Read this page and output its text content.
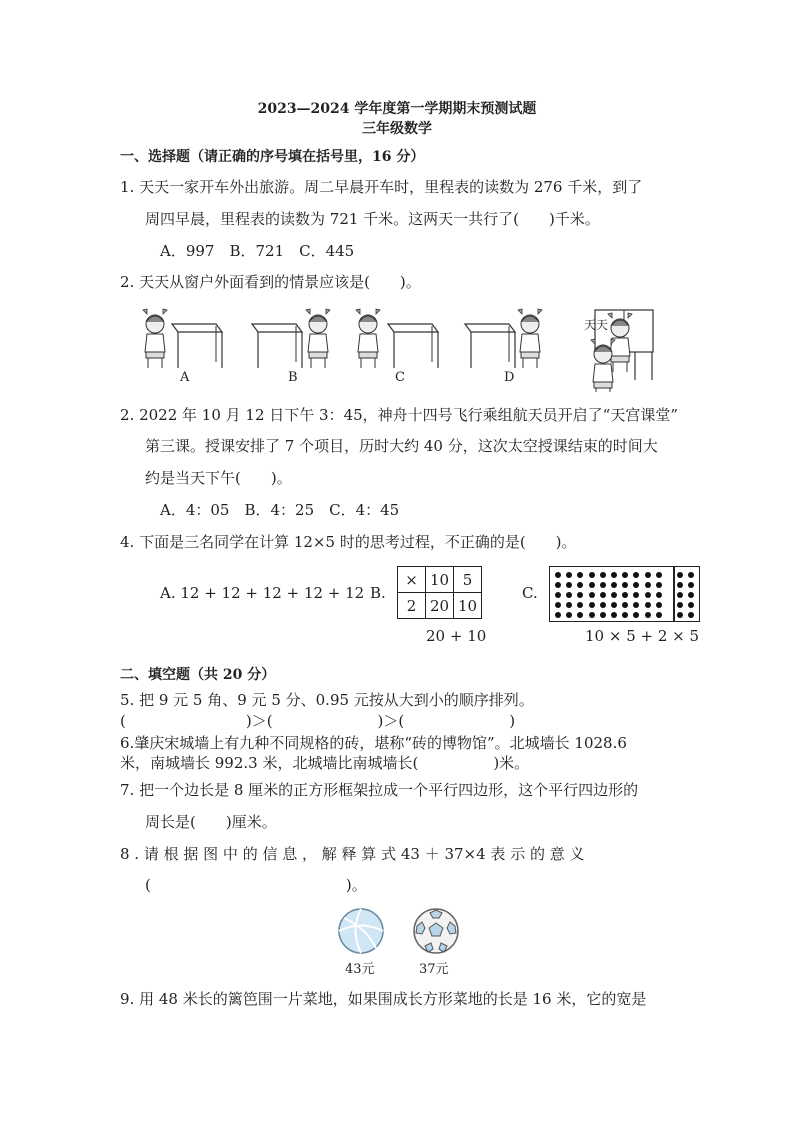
2023—2024 学年度第一学期期末预测试题
三年级数学
一、选择题（请正确的序号填在括号里，16 分）
1. 天天一家开车外出旅游。周二早晨开车时，里程表的读数为 276 千米，到了
周四早晨，里程表的读数为 721 千米。这两天一共行了(　　)千米。
A．997　B．721　C．445
2. 天天从窗户外面看到的情景应该是(　　)。
A	B	C	D
天天
2. 2022 年 10 月 12 日下午 3：45，神舟十四号飞行乘组航天员开启了“天宫课堂”
第三课。授课安排了 7 个项目，历时大约 40 分，这次太空授课结束的时间大
约是当天下午(　　)。
A．4：05　B．4：25　C．4：45
4. 下面是三名同学在计算 12×5 时的思考过程，不正确的是(　　)。
A. 12 + 12 + 12 + 12 + 12 B.
×	10	5
2	20	10
20 + 10
C.
10 × 5 + 2 × 5
二、填空题（共 20 分）
5. 把 9 元 5 角、9 元 5 分、0.95 元按从大到小的顺序排列。
(　　　　　　　　)＞(　　　　　　　)＞(　　　　　　　)
6.肇庆宋城墙上有九种不同规格的砖，堪称“砖的博物馆”。北城墙长 1028.6
米，南城墙长 992.3 米，北城墙比南城墙长(　　　　　)米。
7. 把一个边长是 8 厘米的正方形框架拉成一个平行四边形，这个平行四边形的
周长是(　　)厘米。
8 . 请 根 据 图 中 的 信 息 ， 解 释 算 式 43 ＋ 37×4 表 示 的 意 义
(　　　　　　　　　　　　　)。
43元	37元
9. 用 48 米长的篱笆围一片菜地，如果围成长方形菜地的长是 16 米，它的宽是
